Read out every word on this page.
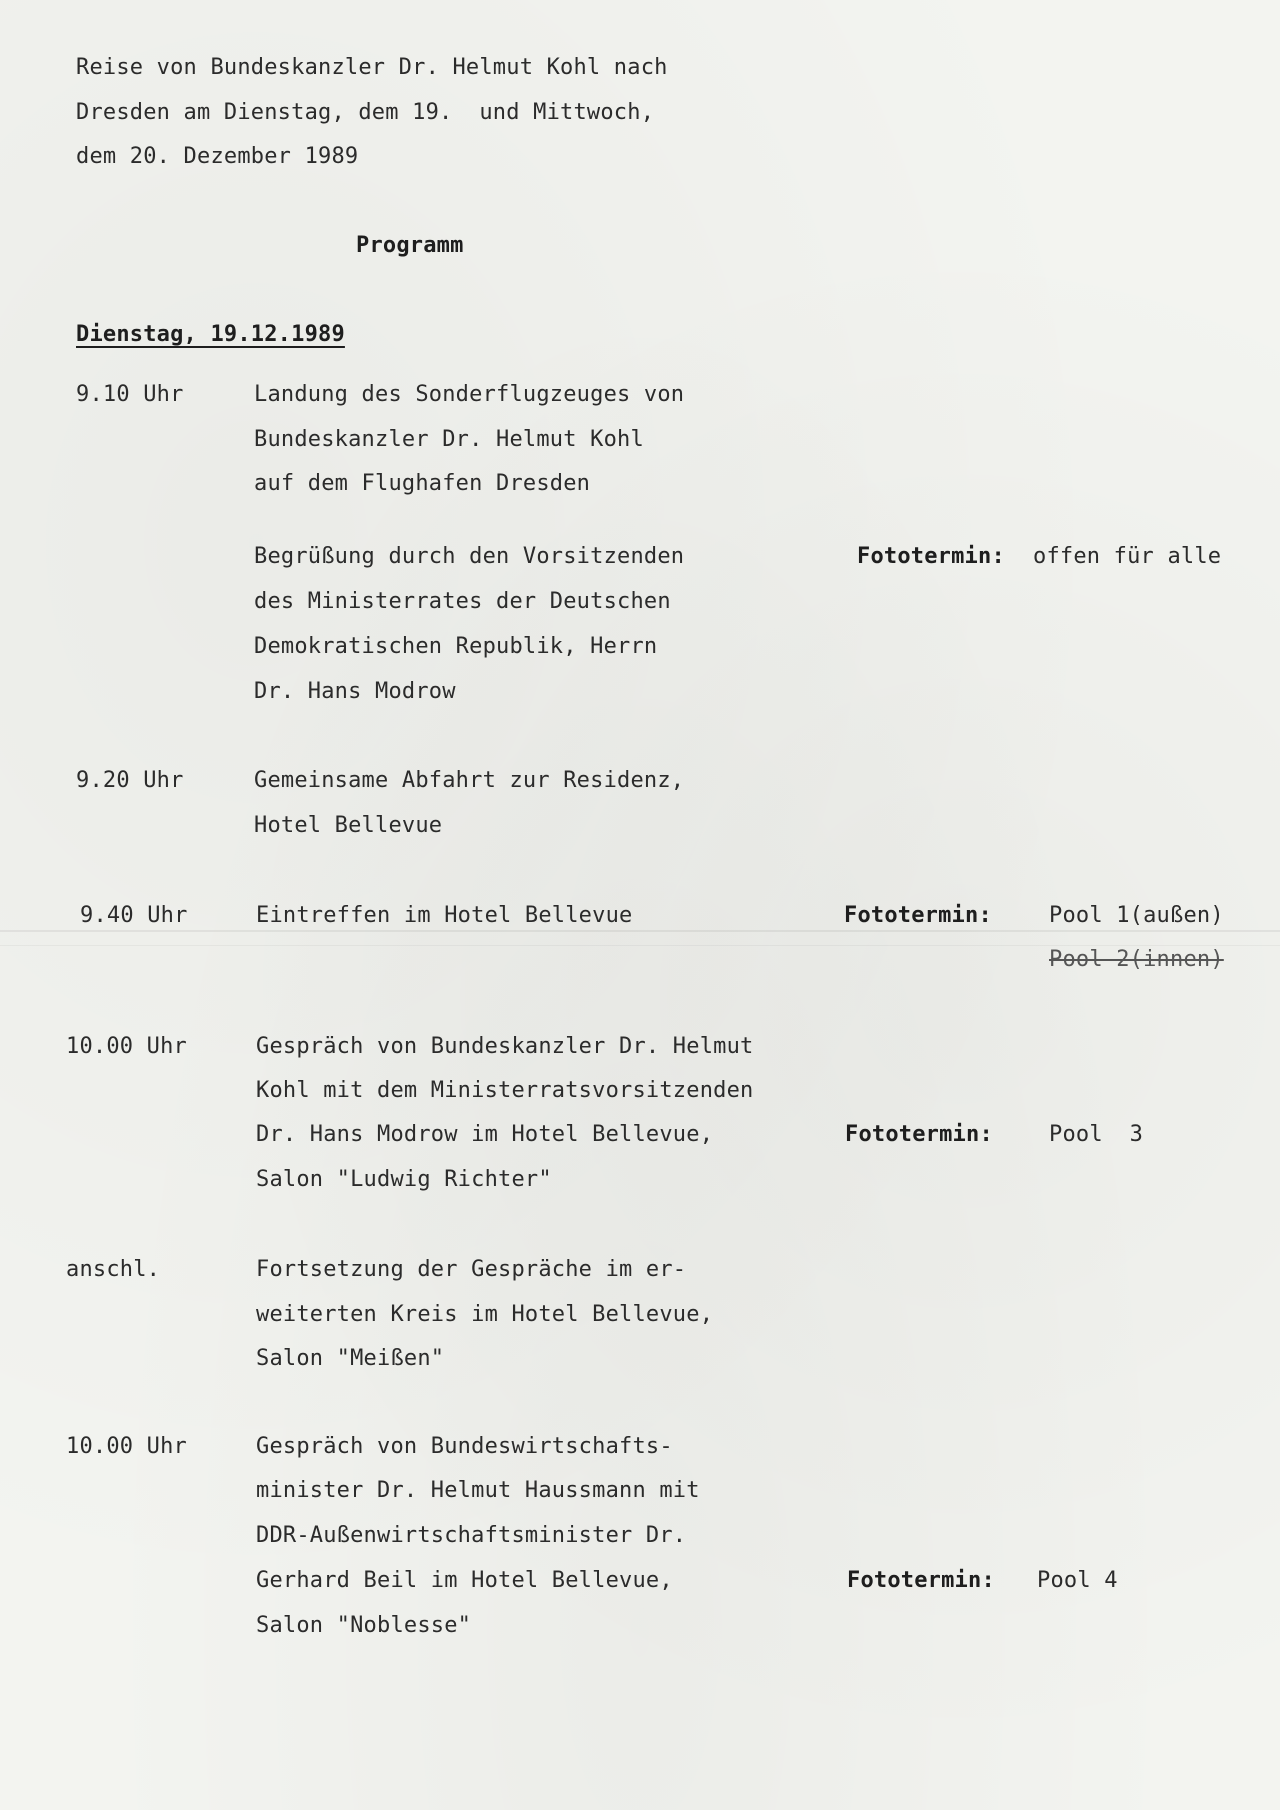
Reise von Bundeskanzler Dr. Helmut Kohl nach
Dresden am Dienstag, dem 19.  und Mittwoch,
dem 20. Dezember 1989
Programm
Dienstag, 19.12.1989
9.10 Uhr	Landung des Sonderflugzeuges von
Bundeskanzler Dr. Helmut Kohl
auf dem Flughafen Dresden
Begrüßung durch den Vorsitzenden
des Ministerrates der Deutschen
Demokratischen Republik, Herrn
Dr. Hans Modrow
Fototermin: offen für alle
9.20 Uhr	Gemeinsame Abfahrt zur Residenz,
Hotel Bellevue
9.40 Uhr	Eintreffen im Hotel Bellevue	Fototermin:	Pool 1(außen)
Pool 2(innen)
10.00 Uhr	Gespräch von Bundeskanzler Dr. Helmut
Kohl mit dem Ministerratsvorsitzenden
Dr. Hans Modrow im Hotel Bellevue,
Salon "Ludwig Richter"
Fototermin:	Pool  3
anschl.	Fortsetzung der Gespräche im er-
weiterten Kreis im Hotel Bellevue,
Salon "Meißen"
10.00 Uhr	Gespräch von Bundeswirtschafts-
minister Dr. Helmut Haussmann mit
DDR-Außenwirtschaftsminister Dr.
Gerhard Beil im Hotel Bellevue,
Salon "Noblesse"
Fototermin: Pool 4
